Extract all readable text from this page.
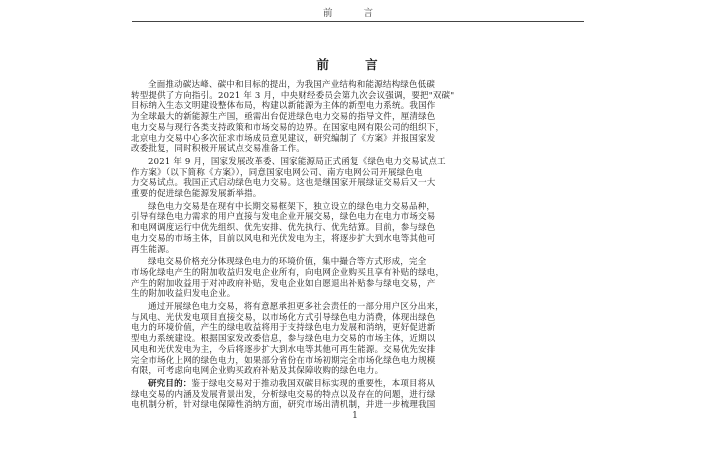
前 言
前 言

全面推动碳达峰、碳中和目标的提出，为我国产业结构和能源结构绿色低碳
转型提供了方向指引。2021 年 3 月，中央财经委员会第九次会议强调，要把"双碳"
目标纳入生态文明建设整体布局，构建以新能源为主体的新型电力系统。我国作
为全球最大的新能源生产国，亟需出台促进绿色电力交易的指导文件，厘清绿色
电力交易与现行各类支持政策和市场交易的边界。在国家电网有限公司的组织下，
北京电力交易中心多次征求市场成员意见建议，研究编制了《方案》并报国家发
改委批复，同时积极开展试点交易准备工作。

2021 年 9 月，国家发展改革委、国家能源局正式函复《绿色电力交易试点工
作方案》（以下简称《方案》），同意国家电网公司、南方电网公司开展绿色电
力交易试点。我国正式启动绿色电力交易。这也是继国家开展绿证交易后又一大
重要的促进绿色能源发展新举措。

绿色电力交易是在现有中长期交易框架下，独立设立的绿色电力交易品种，
引导有绿色电力需求的用户直接与发电企业开展交易，绿色电力在电力市场交易
和电网调度运行中优先组织、优先安排、优先执行、优先结算。目前，参与绿色
电力交易的市场主体，目前以风电和光伏发电为主，将逐步扩大到水电等其他可
再生能源。

绿电交易价格充分体现绿色电力的环境价值，集中撮合等方式形成，完全
市场化绿电产生的附加收益归发电企业所有，向电网企业购买且享有补贴的绿电，
产生的附加收益用于对冲政府补贴，发电企业如自愿退出补贴参与绿电交易，产
生的附加收益归发电企业。

通过开展绿色电力交易，将有意愿承担更多社会责任的一部分用户区分出来，
与风电、光伏发电项目直接交易，以市场化方式引导绿色电力消费，体现出绿色
电力的环境价值，产生的绿电收益将用于支持绿色电力发展和消纳，更好促进新
型电力系统建设。根据国家发改委信息，参与绿色电力交易的市场主体，近期以
风电和光伏发电为主，今后将逐步扩大到水电等其他可再生能源。交易优先安排
完全市场化上网的绿色电力，如果部分省份在市场初期完全市场化绿色电力规模
有限，可考虑向电网企业购买政府补贴及其保障收购的绿色电力。

研究目的：鉴于绿电交易对于推动我国双碳目标实现的重要性，本项目将从
绿电交易的内涵及发展背景出发，分析绿电交易的特点以及存在的问题，进行绿
电机制分析，针对绿电保障性消纳方面，研究市场出清机制，并进一步梳理我国

1
